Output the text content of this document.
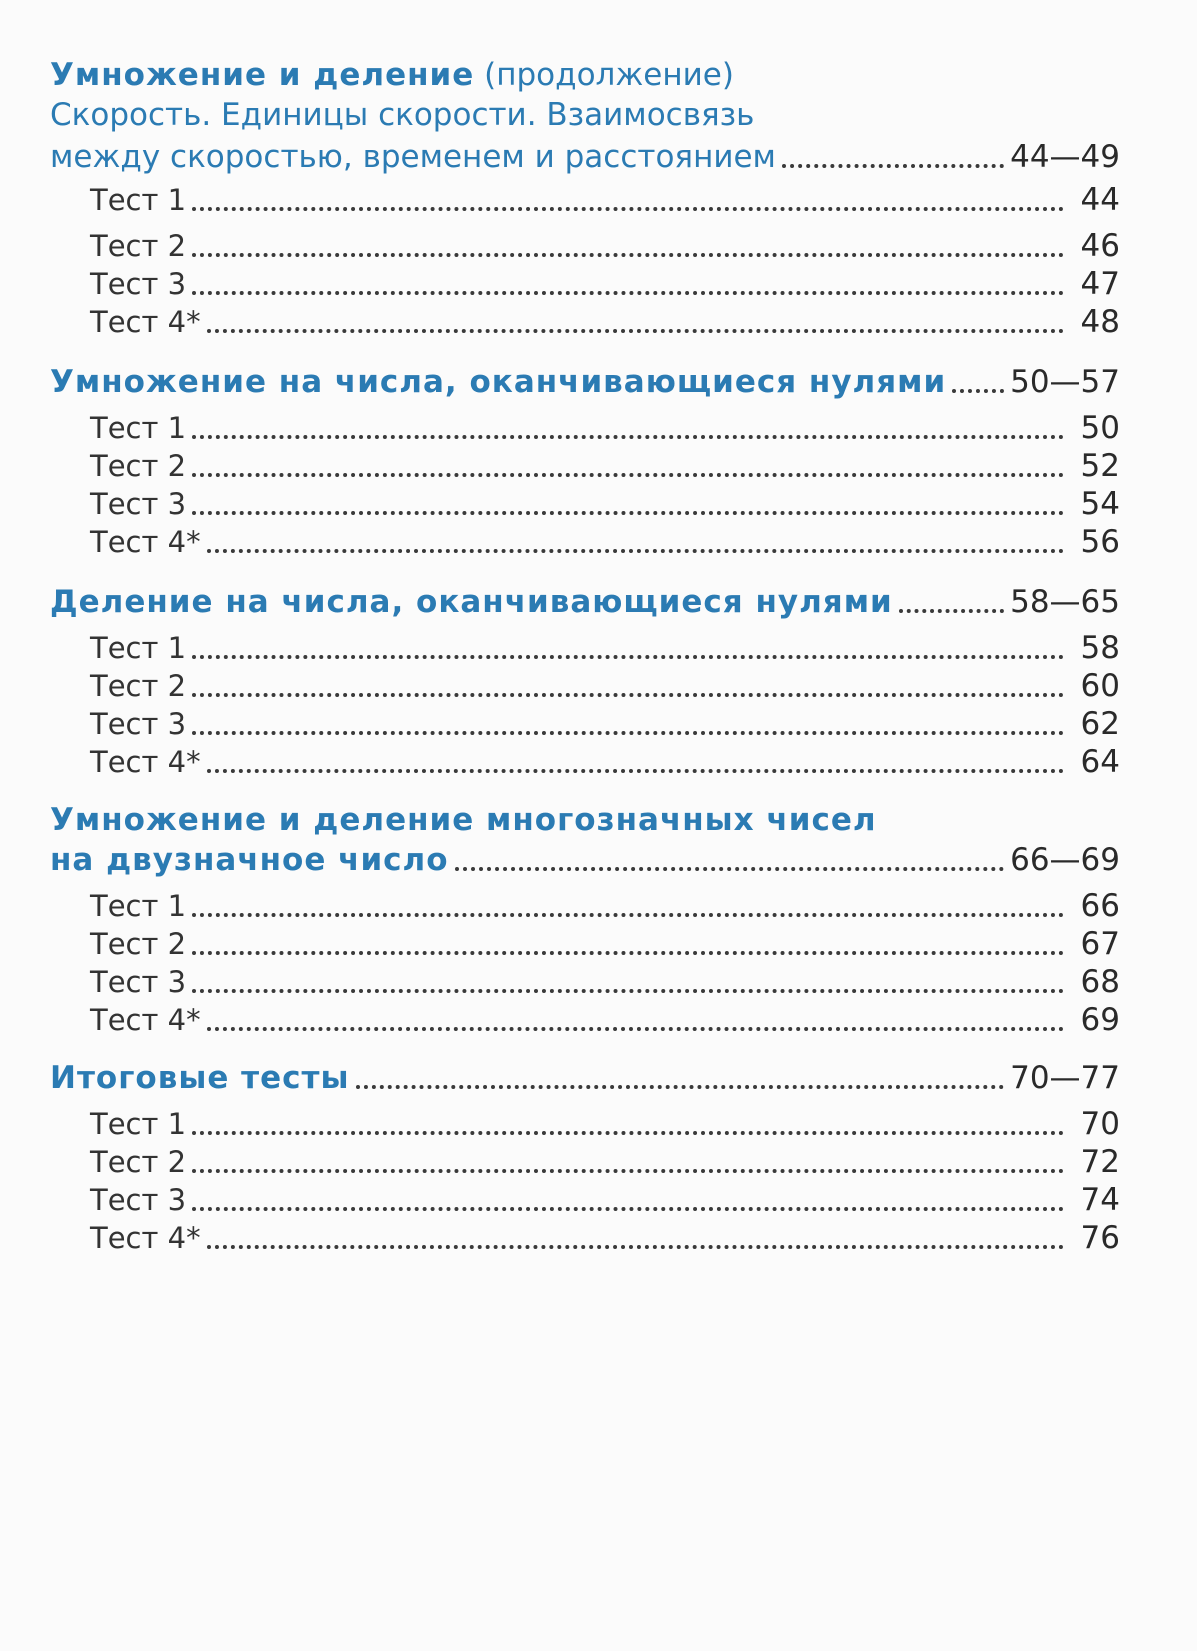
Умножение и деление
(продолжение)
Скорость. Единицы скорости. Взаимосвязь
между скоростью, временем и расстоянием	44—49
Тест 1	44
Тест 2	46
Тест 3	47
Тест 4*	48
Умножение на числа, оканчивающиеся нулями 50—57
Тест 1	50
Тест 2	52
Тест 3	54
Тест 4*	56
Деление на числа, оканчивающиеся нулями	58—65
Тест 1	58
Тест 2	60
Тест 3	62
Тест 4*	64
Умножение и деление многозначных чисел
на двузначное число	66—69
Тест 1	66
Тест 2	67
Тест 3	68
Тест 4*	69
Итоговые тесты	70—77
Тест 1	70
Тест 2	72
Тест 3	74
Тест 4*	76
